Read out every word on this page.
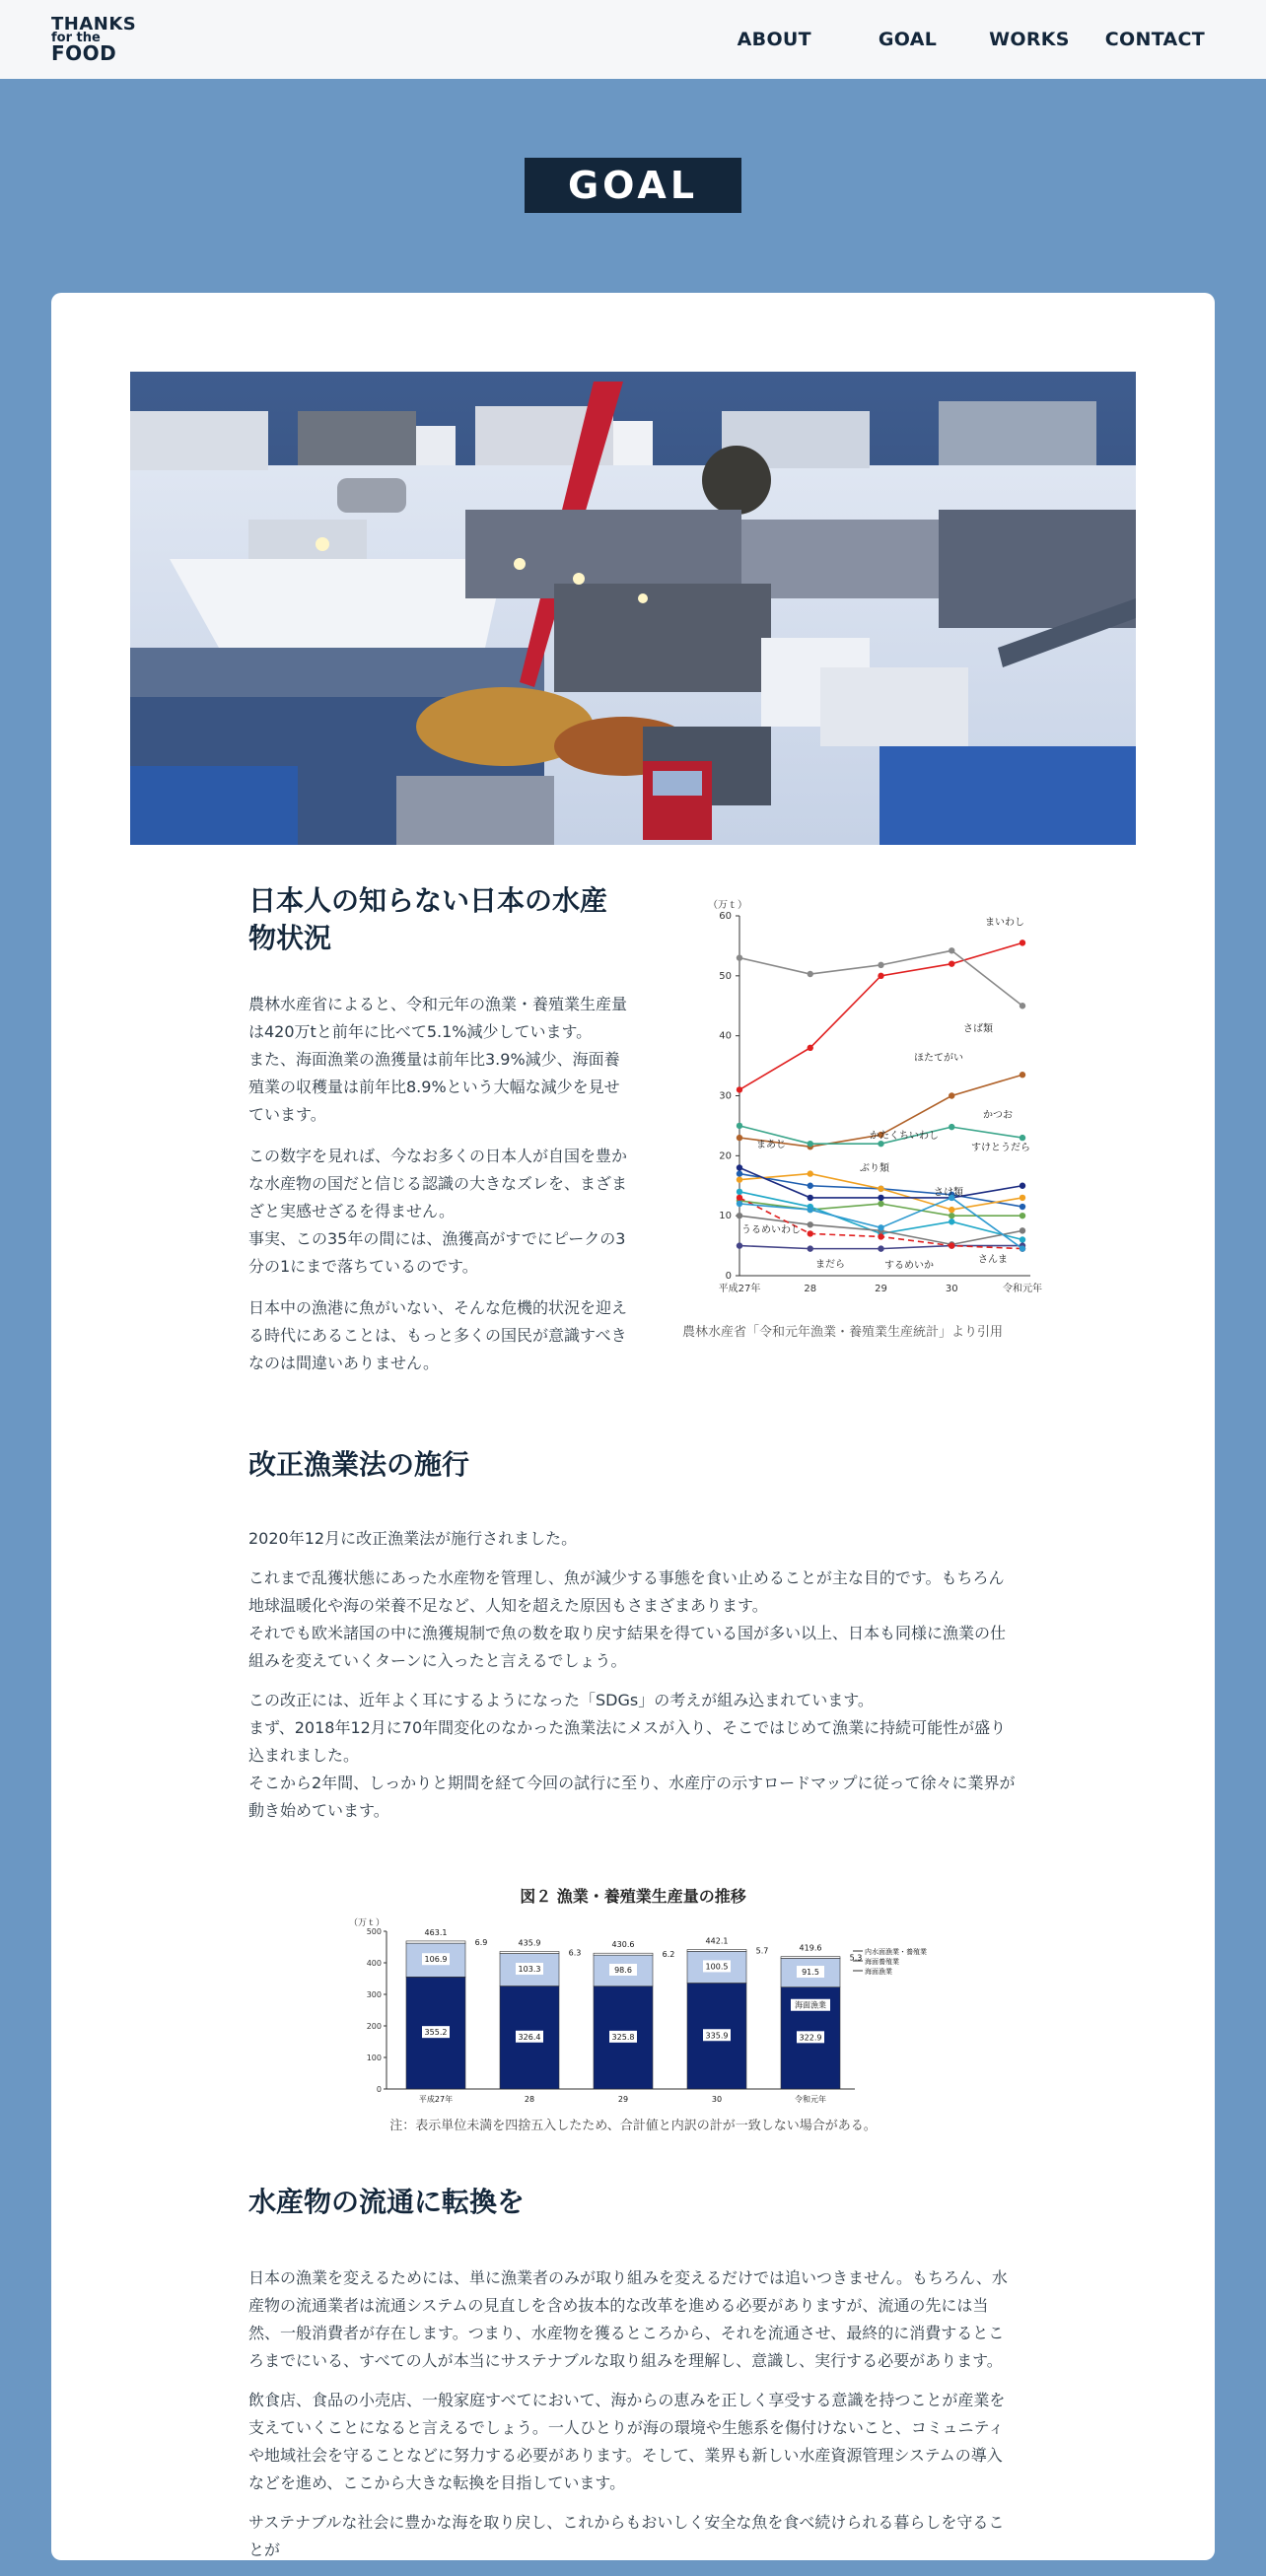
THANKS
for the
FOOD
ABOUT	GOAL	WORKS CONTACT
GOAL
日本人の知らない日本の水産物状況

農林水産省によると、令和元年の漁業・養殖業生産量は420万tと前年に比べて5.1%減少しています。
また、海面漁業の漁獲量は前年比3.9%減少、海面養殖業の収穫量は前年比8.9%という大幅な減少を見せています。

この数字を見れば、今なお多くの日本人が自国を豊かな水産物の国だと信じる認識の大きなズレを、まざまざと実感せざるを得ません。
事実、この35年の間には、漁獲高がすでにピークの3分の1にまで落ちているのです。

日本中の漁港に魚がいない、そんな危機的状況を迎える時代にあることは、もっと多くの国民が意識すべきなのは間違いありません。

（万ｔ）
0
10
20
30
40
50
60
平成27年	28	29	30	令和元年
まいわし
さば類
ほたてがい
かつお
まあじ
ぶり類
かたくちいわし
さけ類
すけとうだら
うるめいわし
まだら	するめいか
さんま
農林水産省「令和元年漁業・養殖業生産統計」より引用
改正漁業法の施行

2020年12月に改正漁業法が施行されました。

これまで乱獲状態にあった水産物を管理し、魚が減少する事態を食い止めることが主な目的です。もちろん地球温暖化や海の栄養不足など、人知を超えた原因もさまざまあります。
それでも欧米諸国の中に漁獲規制で魚の数を取り戻す結果を得ている国が多い以上、日本も同様に漁業の仕組みを変えていくターンに入ったと言えるでしょう。

この改正には、近年よく耳にするようになった「SDGs」の考えが組み込まれています。
まず、2018年12月に70年間変化のなかった漁業法にメスが入り、そこではじめて漁業に持続可能性が盛り込まれました。
そこから2年間、しっかりと期間を経て今回の試行に至り、水産庁の示すロードマップに従って徐々に業界が動き始めています。

図２ 漁業・養殖業生産量の推移
（万ｔ）
0
100
200
300
400
500
355.2
106.9
6.9
463.1
平成27年
326.4
103.3
6.3
435.9
28
325.8
98.6
6.2
430.6
29
335.9
100.5
5.7
442.1
30
322.9
91.5
5.3
419.6
令和元年
海面漁業
内水面漁業・養殖業
海面養殖業
海面漁業
注：表示単位未満を四捨五入したため、合計値と内訳の計が一致しない場合がある。
水産物の流通に転換を

日本の漁業を変えるためには、単に漁業者のみが取り組みを変えるだけでは追いつきません。もちろん、水産物の流通業者は流通システムの見直しを含め抜本的な改革を進める必要がありますが、流通の先には当然、一般消費者が存在します。つまり、水産物を獲るところから、それを流通させ、最終的に消費するところまでにいる、すべての人が本当にサステナブルな取り組みを理解し、意識し、実行する必要があります。

飲食店、食品の小売店、一般家庭すべてにおいて、海からの恵みを正しく享受する意識を持つことが産業を支えていくことになると言えるでしょう。一人ひとりが海の環境や生態系を傷付けないこと、コミュニティや地域社会を守ることなどに努力する必要があります。そして、業界も新しい水産資源管理システムの導入などを進め、ここから大きな転換を目指しています。

サステナブルな社会に豊かな海を取り戻し、これからもおいしく安全な魚を食べ続けられる暮らしを守ることが
